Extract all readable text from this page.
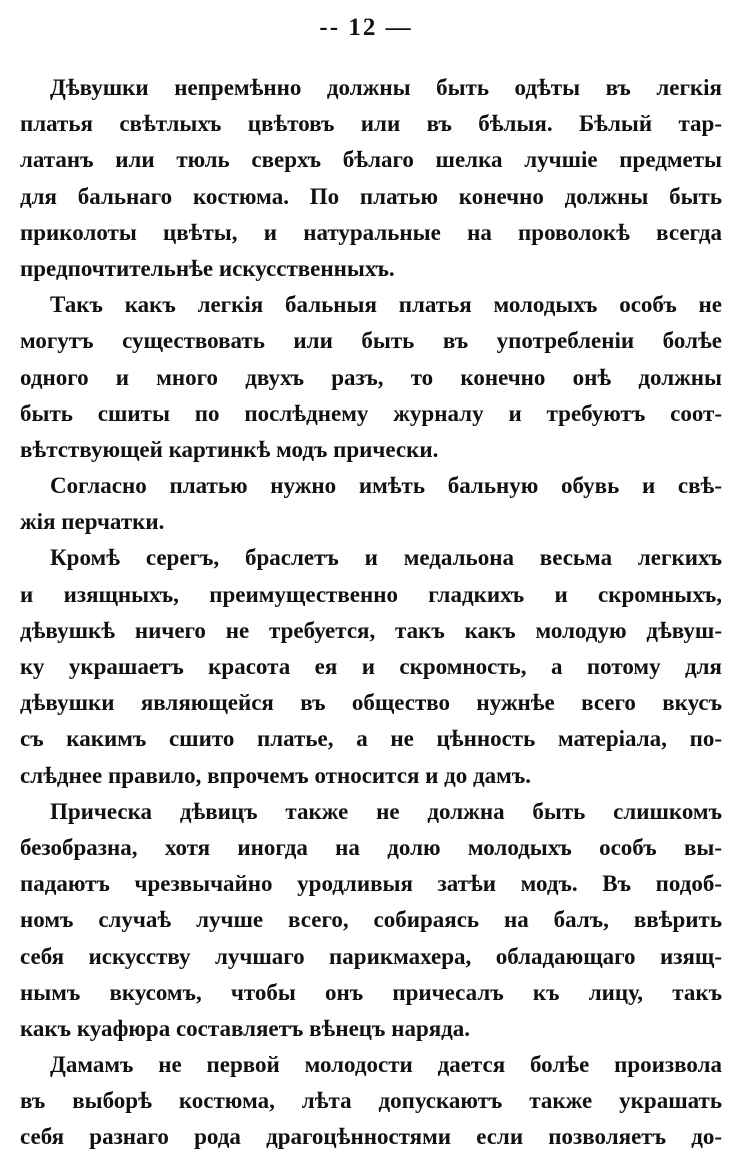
-- 12 —
Дѣвушки непремѣнно должны быть одѣты въ легкія
платья свѣтлыхъ цвѣтовъ или въ бѣлыя. Бѣлый тар-
латанъ или тюль сверхъ бѣлаго шелка лучшіе предметы
для бальнаго костюма. По платью конечно должны быть
приколоты цвѣты, и натуральные на проволокѣ всегда
предпочтительнѣе искусственныхъ.
Такъ какъ легкія бальныя платья молодыхъ особъ не
могутъ существовать или быть въ употребленіи болѣе
одного и много двухъ разъ, то конечно онѣ должны
быть сшиты по послѣднему журналу и требуютъ соот-
вѣтствующей картинкѣ модъ прически.
Согласно платью нужно имѣть бальную обувь и свѣ-
жія перчатки.
Кромѣ серегъ, браслетъ и медальона весьма легкихъ
и изящныхъ, преимущественно гладкихъ и скромныхъ,
дѣвушкѣ ничего не требуется, такъ какъ молодую дѣвуш-
ку украшаетъ красота ея и скромность, а потому для
дѣвушки являющейся въ общество нужнѣе всего вкусъ
съ какимъ сшито платье, а не цѣнность матеріала, по-
слѣднее правило, впрочемъ относится и до дамъ.
Прическа дѣвицъ также не должна быть слишкомъ
безобразна, хотя иногда на долю молодыхъ особъ вы-
падаютъ чрезвычайно уродливыя затѣи модъ. Въ подоб-
номъ случаѣ лучше всего, собираясь на балъ, ввѣрить
себя искусству лучшаго парикмахера, обладающаго изящ-
нымъ вкусомъ, чтобы онъ причесалъ къ лицу, такъ
какъ куафюра составляетъ вѣнецъ наряда.
Дамамъ не первой молодости дается болѣе произвола
въ выборѣ костюма, лѣта допускаютъ также украшать
себя разнаго рода драгоцѣнностями если позволяетъ до-
